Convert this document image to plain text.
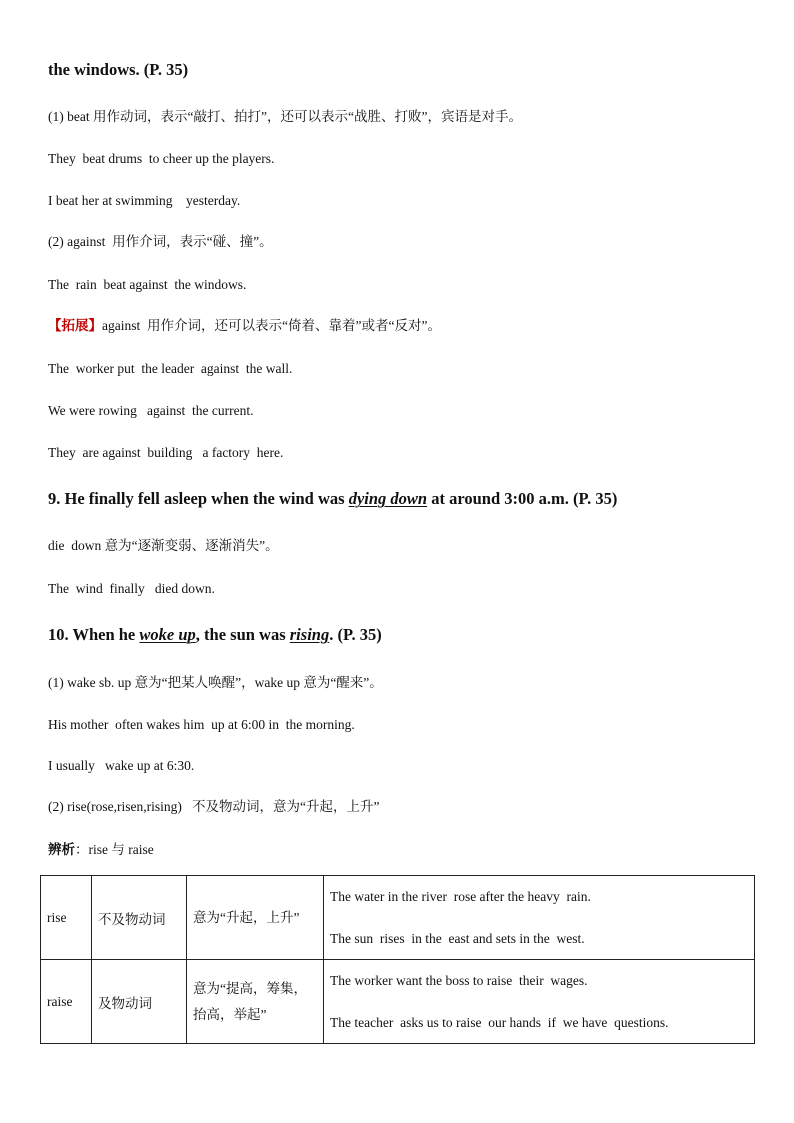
the windows. (P. 35)
(1) beat 用作动词，表示“敲打、拍打”，还可以表示“战胜、打败”，宾语是对手。
They  beat drums  to cheer up the players.
I beat her at swimming    yesterday.
(2) against  用作介词，表示“碰、撞”。
The  rain  beat against  the windows.
【拓展】against  用作介词，还可以表示“倚着、靠着”或者“反对”。
The  worker put  the leader  against  the wall.
We were rowing   against  the current.
They  are against  building   a factory  here.
9. He finally fell asleep when the wind was dying down at around 3:00 a.m. (P. 35)
die  down 意为“逐渐变弱、逐渐消失”。
The  wind  finally   died down.
10. When he woke up, the sun was rising. (P. 35)
(1) wake sb. up 意为“把某人唤醒”，wake up 意为“醒来”。
His mother  often wakes him  up at 6:00 in  the morning.
I usually   wake up at 6:30.
(2) rise(rose,risen,rising)   不及物动词，意为“升起，上升”
辨析：rise 与 raise
rise	不及物动词	意为“升起，上升”	The water in the river  rose after the heavy  rain.
The sun  rises  in the  east and sets in the  west.

raise	及物动词	意为“提高，筹集，抬高，举起”	The worker want the boss to raise  their  wages.
The teacher  asks us to raise  our hands  if  we have  questions.
